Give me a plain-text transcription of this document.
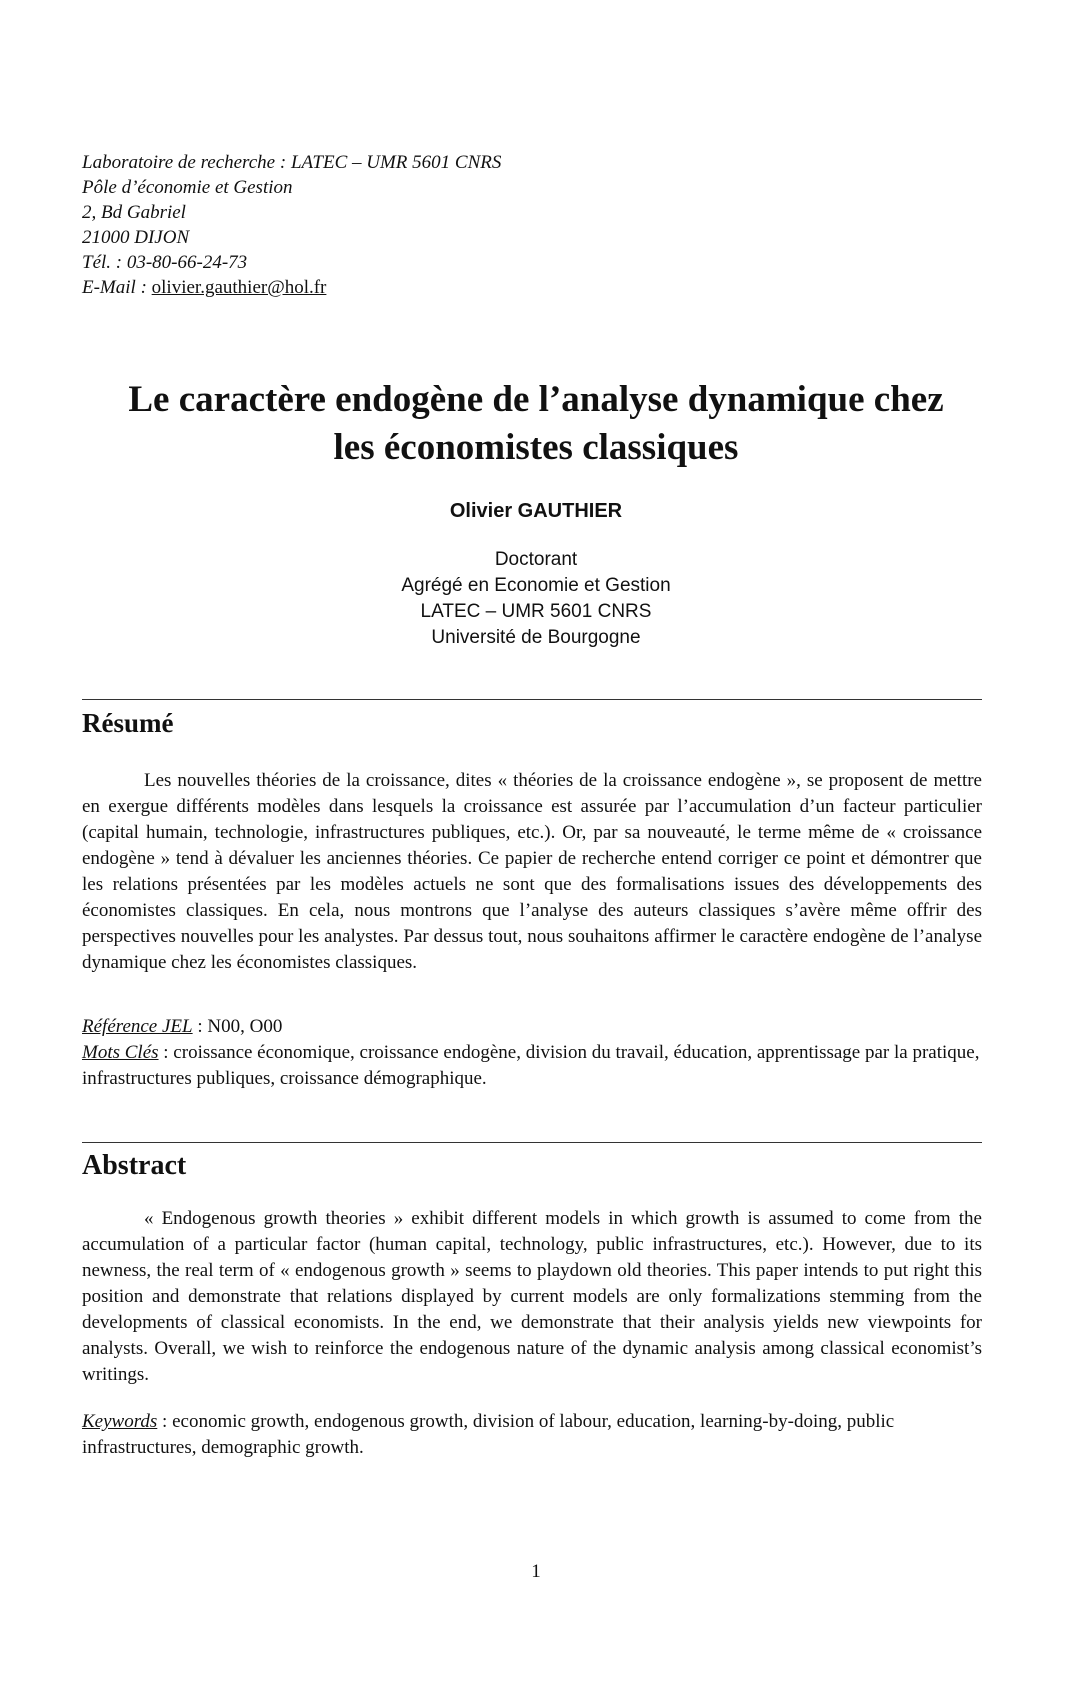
Laboratoire de recherche : LATEC – UMR 5601 CNRS
Pôle d’économie et Gestion
2, Bd Gabriel
21000 DIJON
Tél. : 03-80-66-24-73
E-Mail : olivier.gauthier@hol.fr
Le caractère endogène de l’analyse dynamique chez
les économistes classiques
Olivier GAUTHIER
Doctorant
Agrégé en Economie et Gestion
LATEC – UMR 5601 CNRS
Université de Bourgogne
Résumé
Les nouvelles théories de la croissance, dites « théories de la croissance endogène », se proposent de mettre en exergue différents modèles dans lesquels la croissance est assurée par l’accumulation d’un facteur particulier (capital humain, technologie, infrastructures publiques, etc.). Or, par sa nouveauté, le terme même de « croissance endogène » tend à dévaluer les anciennes théories. Ce papier de recherche entend corriger ce point et démontrer que les relations présentées par les modèles actuels ne sont que des formalisations issues des développements des économistes classiques. En cela, nous montrons que l’analyse des auteurs classiques s’avère même offrir des perspectives nouvelles pour les analystes. Par dessus tout, nous souhaitons affirmer le caractère endogène de l’analyse dynamique chez les économistes classiques.
Référence JEL : N00, O00
Mots Clés : croissance économique, croissance endogène, division du travail, éducation, apprentissage par la pratique, infrastructures publiques, croissance démographique.
Abstract
« Endogenous growth theories » exhibit different models in which growth is assumed to come from the accumulation of a particular factor (human capital, technology, public infrastructures, etc.). However, due to its newness, the real term of « endogenous growth » seems to playdown old theories. This paper intends to put right this position and demonstrate that relations displayed by current models are only formalizations stemming from the developments of classical economists. In the end, we demonstrate that their analysis yields new viewpoints for analysts. Overall, we wish to reinforce the endogenous nature of the dynamic analysis among classical economist’s writings.
Keywords : economic growth, endogenous growth, division of labour, education, learning-by-doing, public infrastructures, demographic growth.
1
